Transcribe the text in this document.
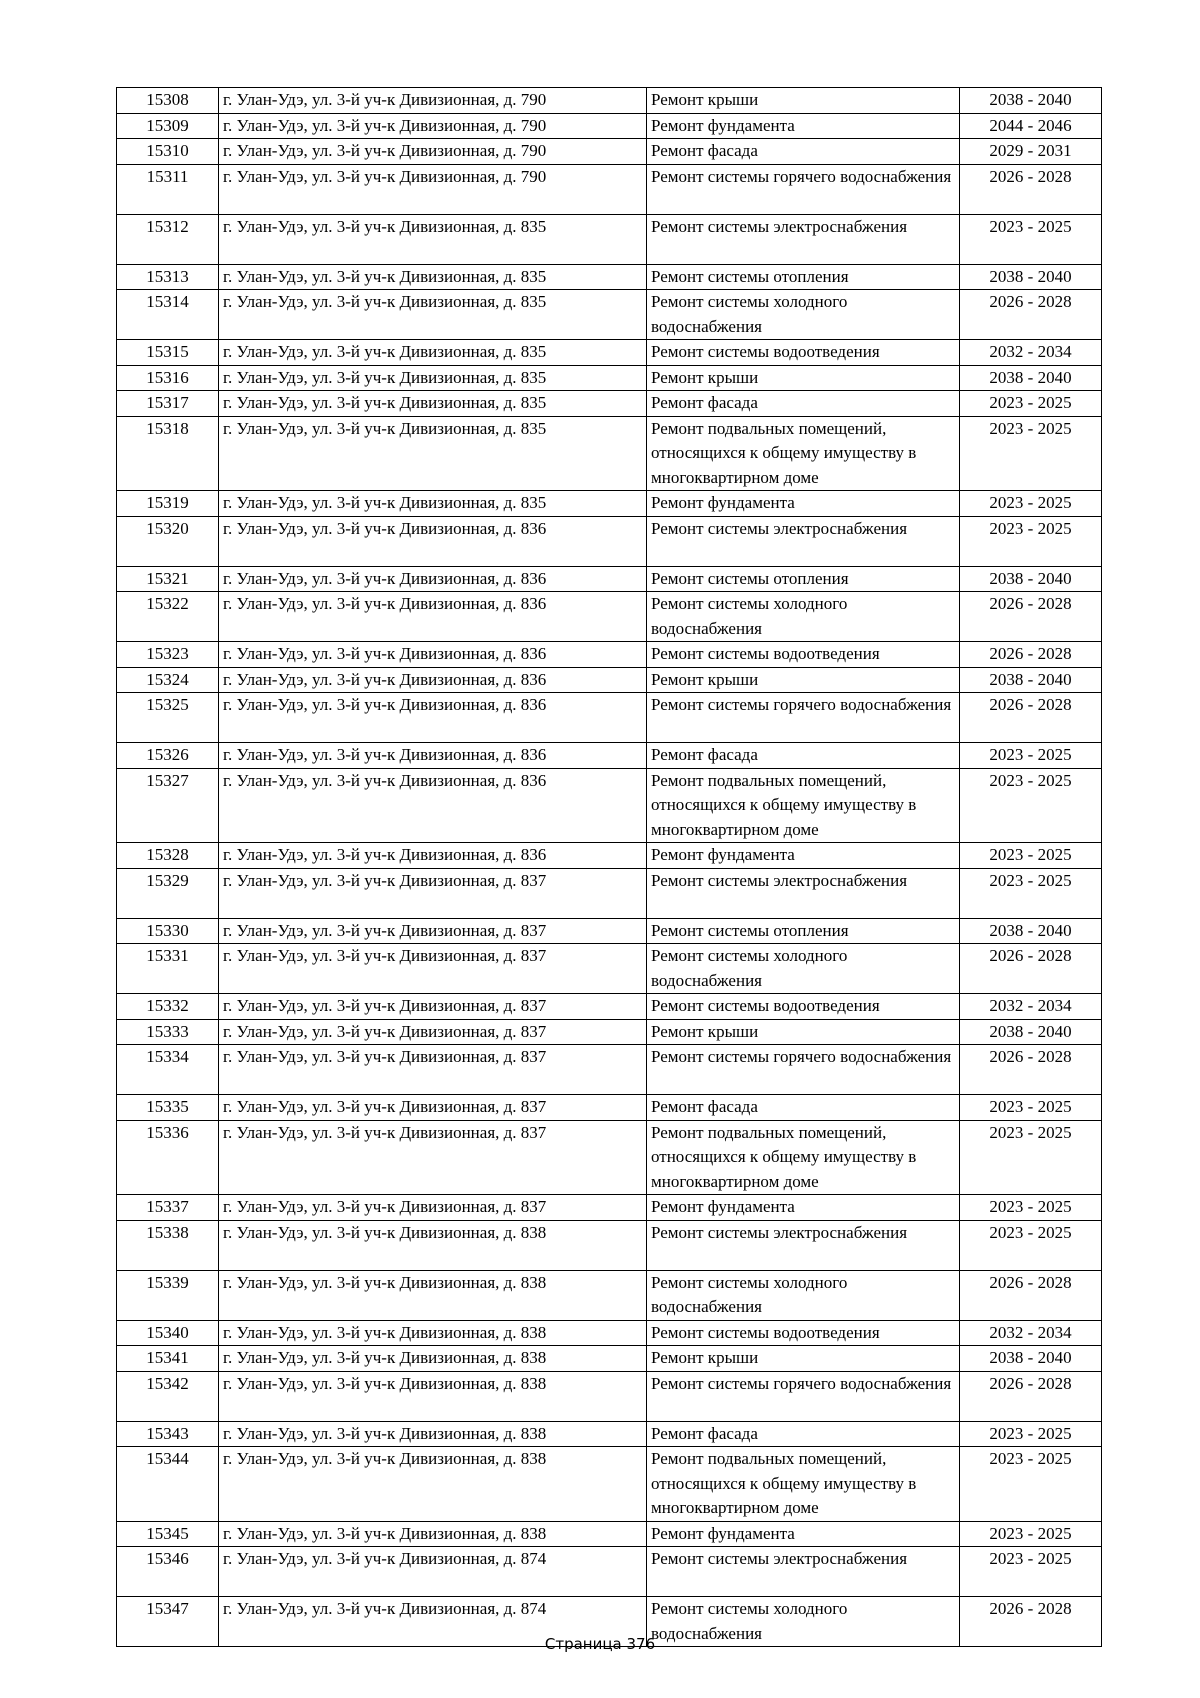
15308	г. Улан-Удэ, ул. 3-й уч-к Дивизионная, д. 790	Ремонт крыши	2038 - 2040
15309	г. Улан-Удэ, ул. 3-й уч-к Дивизионная, д. 790	Ремонт фундамента	2044 - 2046
15310	г. Улан-Удэ, ул. 3-й уч-к Дивизионная, д. 790	Ремонт фасада	2029 - 2031
15311	г. Улан-Удэ, ул. 3-й уч-к Дивизионная, д. 790	Ремонт системы горячего водоснабжения	2026 - 2028
15312	г. Улан-Удэ, ул. 3-й уч-к Дивизионная, д. 835	Ремонт системы электроснабжения	2023 - 2025
15313	г. Улан-Удэ, ул. 3-й уч-к Дивизионная, д. 835	Ремонт системы отопления	2038 - 2040
15314	г. Улан-Удэ, ул. 3-й уч-к Дивизионная, д. 835	Ремонт системы холодного водоснабжения	2026 - 2028
15315	г. Улан-Удэ, ул. 3-й уч-к Дивизионная, д. 835	Ремонт системы водоотведения	2032 - 2034
15316	г. Улан-Удэ, ул. 3-й уч-к Дивизионная, д. 835	Ремонт крыши	2038 - 2040
15317	г. Улан-Удэ, ул. 3-й уч-к Дивизионная, д. 835	Ремонт фасада	2023 - 2025
15318	г. Улан-Удэ, ул. 3-й уч-к Дивизионная, д. 835	Ремонт подвальных помещений, относящихся к общему имуществу в многоквартирном доме	2023 - 2025
15319	г. Улан-Удэ, ул. 3-й уч-к Дивизионная, д. 835	Ремонт фундамента	2023 - 2025
15320	г. Улан-Удэ, ул. 3-й уч-к Дивизионная, д. 836	Ремонт системы электроснабжения	2023 - 2025
15321	г. Улан-Удэ, ул. 3-й уч-к Дивизионная, д. 836	Ремонт системы отопления	2038 - 2040
15322	г. Улан-Удэ, ул. 3-й уч-к Дивизионная, д. 836	Ремонт системы холодного водоснабжения	2026 - 2028
15323	г. Улан-Удэ, ул. 3-й уч-к Дивизионная, д. 836	Ремонт системы водоотведения	2026 - 2028
15324	г. Улан-Удэ, ул. 3-й уч-к Дивизионная, д. 836	Ремонт крыши	2038 - 2040
15325	г. Улан-Удэ, ул. 3-й уч-к Дивизионная, д. 836	Ремонт системы горячего водоснабжения	2026 - 2028
15326	г. Улан-Удэ, ул. 3-й уч-к Дивизионная, д. 836	Ремонт фасада	2023 - 2025
15327	г. Улан-Удэ, ул. 3-й уч-к Дивизионная, д. 836	Ремонт подвальных помещений, относящихся к общему имуществу в многоквартирном доме	2023 - 2025
15328	г. Улан-Удэ, ул. 3-й уч-к Дивизионная, д. 836	Ремонт фундамента	2023 - 2025
15329	г. Улан-Удэ, ул. 3-й уч-к Дивизионная, д. 837	Ремонт системы электроснабжения	2023 - 2025
15330	г. Улан-Удэ, ул. 3-й уч-к Дивизионная, д. 837	Ремонт системы отопления	2038 - 2040
15331	г. Улан-Удэ, ул. 3-й уч-к Дивизионная, д. 837	Ремонт системы холодного водоснабжения	2026 - 2028
15332	г. Улан-Удэ, ул. 3-й уч-к Дивизионная, д. 837	Ремонт системы водоотведения	2032 - 2034
15333	г. Улан-Удэ, ул. 3-й уч-к Дивизионная, д. 837	Ремонт крыши	2038 - 2040
15334	г. Улан-Удэ, ул. 3-й уч-к Дивизионная, д. 837	Ремонт системы горячего водоснабжения	2026 - 2028
15335	г. Улан-Удэ, ул. 3-й уч-к Дивизионная, д. 837	Ремонт фасада	2023 - 2025
15336	г. Улан-Удэ, ул. 3-й уч-к Дивизионная, д. 837	Ремонт подвальных помещений, относящихся к общему имуществу в многоквартирном доме	2023 - 2025
15337	г. Улан-Удэ, ул. 3-й уч-к Дивизионная, д. 837	Ремонт фундамента	2023 - 2025
15338	г. Улан-Удэ, ул. 3-й уч-к Дивизионная, д. 838	Ремонт системы электроснабжения	2023 - 2025
15339	г. Улан-Удэ, ул. 3-й уч-к Дивизионная, д. 838	Ремонт системы холодного водоснабжения	2026 - 2028
15340	г. Улан-Удэ, ул. 3-й уч-к Дивизионная, д. 838	Ремонт системы водоотведения	2032 - 2034
15341	г. Улан-Удэ, ул. 3-й уч-к Дивизионная, д. 838	Ремонт крыши	2038 - 2040
15342	г. Улан-Удэ, ул. 3-й уч-к Дивизионная, д. 838	Ремонт системы горячего водоснабжения	2026 - 2028
15343	г. Улан-Удэ, ул. 3-й уч-к Дивизионная, д. 838	Ремонт фасада	2023 - 2025
15344	г. Улан-Удэ, ул. 3-й уч-к Дивизионная, д. 838	Ремонт подвальных помещений, относящихся к общему имуществу в многоквартирном доме	2023 - 2025
15345	г. Улан-Удэ, ул. 3-й уч-к Дивизионная, д. 838	Ремонт фундамента	2023 - 2025
15346	г. Улан-Удэ, ул. 3-й уч-к Дивизионная, д. 874	Ремонт системы электроснабжения	2023 - 2025
15347	г. Улан-Удэ, ул. 3-й уч-к Дивизионная, д. 874	Ремонт системы холодного водоснабжения	2026 - 2028
Страница 376
